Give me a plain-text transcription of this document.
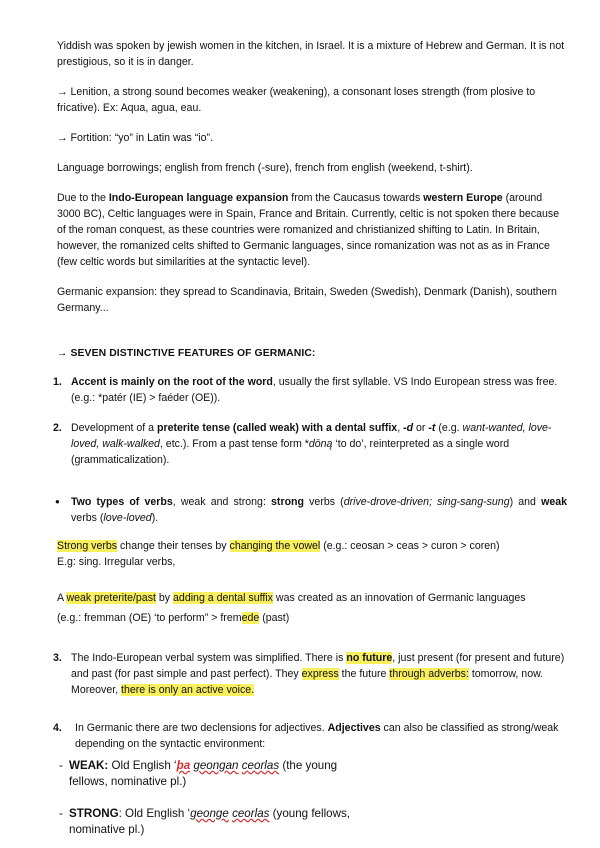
Yiddish was spoken by jewish women in the kitchen, in Israel. It is a mixture of Hebrew and German. It is not prestigious, so it is in danger.

→ Lenition, a strong sound becomes weaker (weakening), a consonant loses strength (from plosive to fricative). Ex: Aqua, agua, eau.

→ Fortition: “yo” in Latin was “io”.

Language borrowings; english from french (-sure), french from english (weekend, t-shirt).

Due to the Indo-European language expansion from the Caucasus towards western Europe (around 3000 BC), Celtic languages were in Spain, France and Britain. Currently, celtic is not spoken there because of the roman conquest, as these countries were romanized and christianized shifting to Latin. In Britain, however, the romanized celts shifted to Germanic languages, since romanization was not as as in France (few celtic words but similarities at the syntactic level).

Germanic expansion: they spread to Scandinavia, Britain, Sweden (Swedish), Denmark (Danish), southern Germany...

→ SEVEN DISTINCTIVE FEATURES OF GERMANIC:

1. Accent is mainly on the root of the word, usually the first syllable. VS Indo European stress was free. (e.g.: *patér (IE) > faéder (OE)).

2. Development of a preterite tense (called weak) with a dental suffix, -d or -t (e.g. want-wanted, love-loved, walk-walked, etc.). From a past tense form *dōną ‘to do’, reinterpreted as a single word (grammaticalization).

● Two types of verbs, weak and strong: strong verbs (drive-drove-driven; sing-sang-sung) and weak verbs (love-loved).

Strong verbs change their tenses by changing the vowel (e.g.: ceosan > ceas > curon > coren)

E.g: sing. Irregular verbs,

A weak preterite/past by adding a dental suffix was created as an innovation of Germanic languages

(e.g.: fremman (OE) ‘to perform” > fremede (past)

3. The Indo-European verbal system was simplified. There is no future, just present (for present and future) and past (for past simple and past perfect). They express the future through adverbs: tomorrow, now. Moreover, there is only an active voice.

4.	In Germanic there are two declensions for adjectives. Adjectives can also be classified as strong/weak depending on the syntactic environment:

- WEAK: Old English ‘þa geongan ceorlas (the young fellows, nominative pl.)

- STRONG: Old English ‘geonge ceorlas (young fellows, nominative pl.)
